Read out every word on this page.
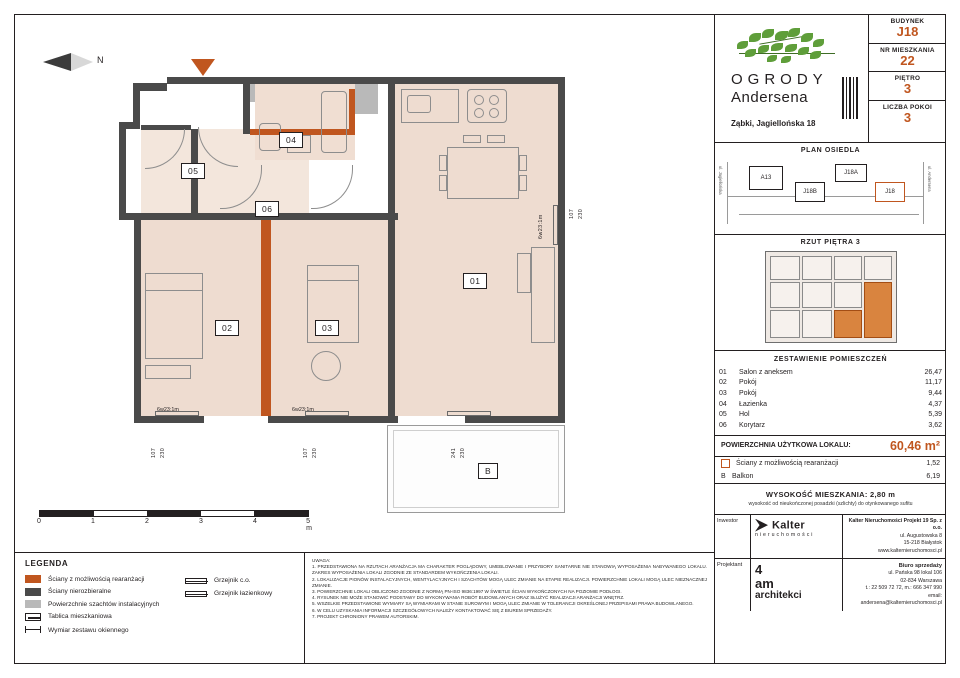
N
B
01
02	03
04
05
06
6w23:1m	6w23:1m
6w23:1m
107 230	107 230	241 230
107 230
0	1	2	3	4	5 m
LEGENDA
Ściany z możliwością rearanżacji
Ściany nierozbieralne
Powierzchnie szachtów instalacyjnych
Tablica mieszkaniowa
Wymiar zestawu okiennego
Grzejnik c.o.
Grzejnik łazienkowy
UWAGA:
1. PRZEDSTAWIONA NA RZUTACH ARANŻACJA MA CHARAKTER POGLĄDOWY, UMEBLOWANIE I PRZYBORY SANITARNE NIE STANOWIĄ WYPOSAŻENIA NABYWANEGO LOKALU. ZAKRES WYPOSAŻENIA LOKALI ZGODNIE ZE STANDARDEM WYKOŃCZENIA LOKALI.
2. LOKALIZACJE PIONÓW INSTALACYJNYCH, WENTYLACYJNYCH I SZACHTÓW MOGĄ ULEC ZMIANIE NA ETAPIE REALIZACJI. POWIERZCHNIE LOKALI MOGĄ ULEC NIEZNACZNEJ ZMIANIE.
3. POWIERZCHNIE LOKALI OBLICZONO ZGODNIE Z NORMĄ PN-ISO 9836:1997 W ŚWIETLE ŚCIAN WYKOŃCZONYCH NA POZIOMIE PODŁOGI.
4. RYSUNEK NIE MOŻE STANOWIĆ PODSTAWY DO WYKONYWANIA ROBÓT BUDOWLANYCH ORAZ SŁUŻYĆ REALIZACJI ARANŻACJI WNĘTRZ.
5. WSZELKIE PRZEDSTAWIONE WYMIARY SĄ WYMIARAMI W STANIE SUROWYM I MOGĄ ULEC ZMIANIE W TOLERANCJI OKREŚLONEJ PRZEPISAMI PRAWA BUDOWLANEGO.
6. W CELU UZYSKANIA INFORMACJI SZCZEGÓŁOWYCH NALEŻY KONTAKTOWAĆ SIĘ Z BIUREM SPRZEDAŻY.
7. PROJEKT CHRONIONY PRAWEM AUTORSKIM.
OGRODY
Andersena
Ząbki, Jagiellońska 18
BUDYNEK
J18
NR MIESZKANIA
22
PIĘTRO
3
LICZBA POKOI
3
PLAN OSIEDLA
ul. Jagiellońska	ul. Andersena
A13
J18B
J18A
J18
RZUT PIĘTRA 3
ZESTAWIENIE POMIESZCZEŃ
01	Salon z aneksem	26,47
02	Pokój	11,17
03	Pokój	9,44
04	Łazienka	4,37
05	Hol	5,39
06	Korytarz	3,62
POWIERZCHNIA UŻYTKOWA LOKALU:	60,46 m²
Ściany z możliwością rearanżacji	1,52
B Balkon	6,19
WYSOKOŚĆ MIESZKANIA: 2,80 m
wysokość od nieukończonej posadzki (szlichty) do otynkowanego sufitu
Inwestor	Kalter
nieruchomości
Kalter Nieruchomości Projekt 19 Sp. z o.o.
ul. Augustowska 8
15-218 Białystok
www.kalternieruchomosci.pl
Projektant 4
am
architekci
Biuro sprzedaży
ul. Pańska 98 lokal 106
02-834 Warszawa
t.: 22 509 72 72, m.: 666 347 990
email: andersena@kalternieruchomosci.pl
